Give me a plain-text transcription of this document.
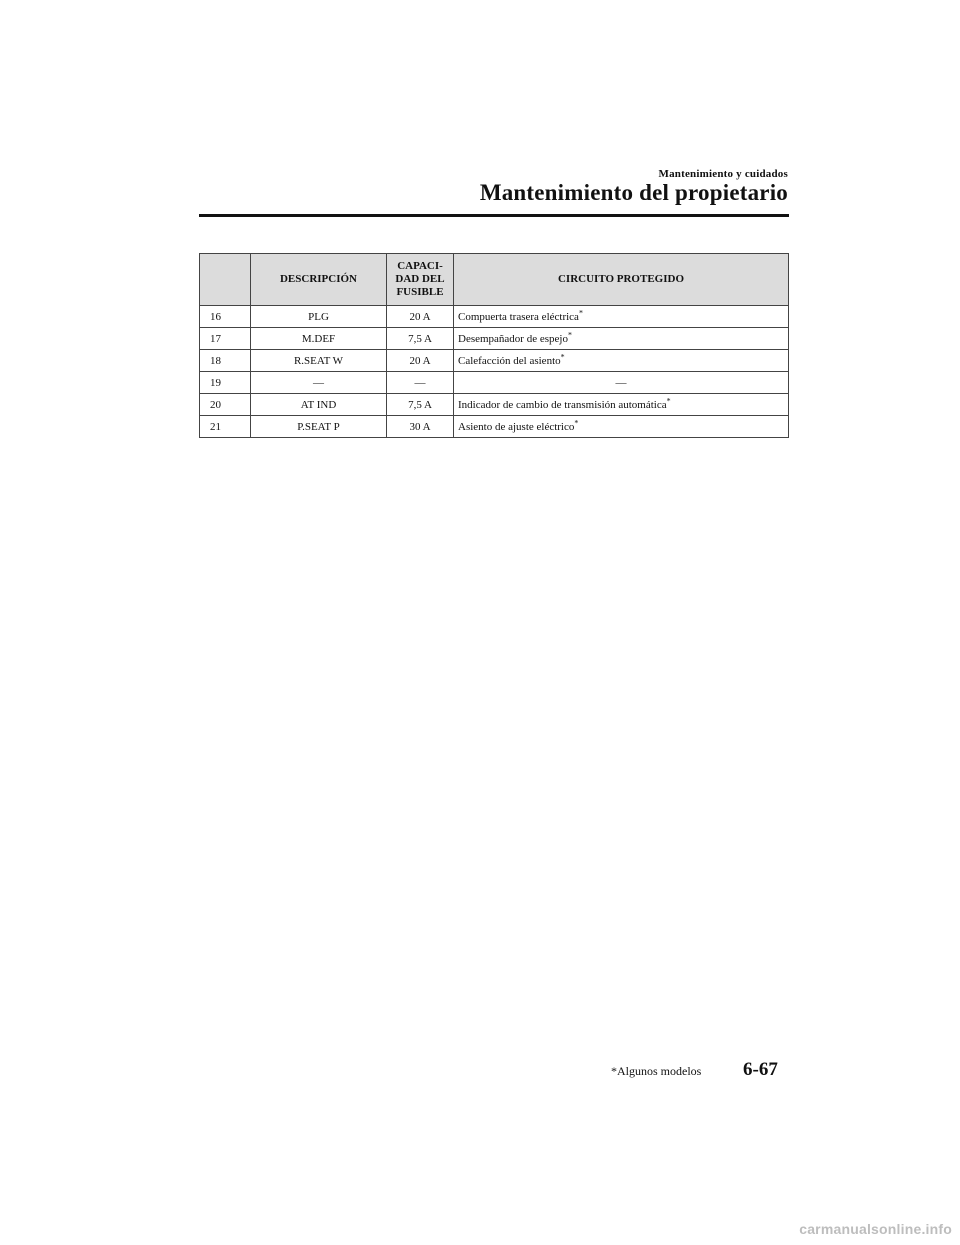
Mantenimiento y cuidados
Mantenimiento del propietario
	DESCRIPCIÓN	CAPACI-
DAD DEL
FUSIBLE	CIRCUITO PROTEGIDO
16	PLG	20 A	Compuerta trasera eléctrica*
17	M.DEF	7,5 A	Desempañador de espejo*
18	R.SEAT W	20 A	Calefacción del asiento*
19	—	—	—
20	AT IND	7,5 A	Indicador de cambio de transmisión automática*
21	P.SEAT P	30 A	Asiento de ajuste eléctrico*
*Algunos modelos 6-67
carmanualsonline.info
